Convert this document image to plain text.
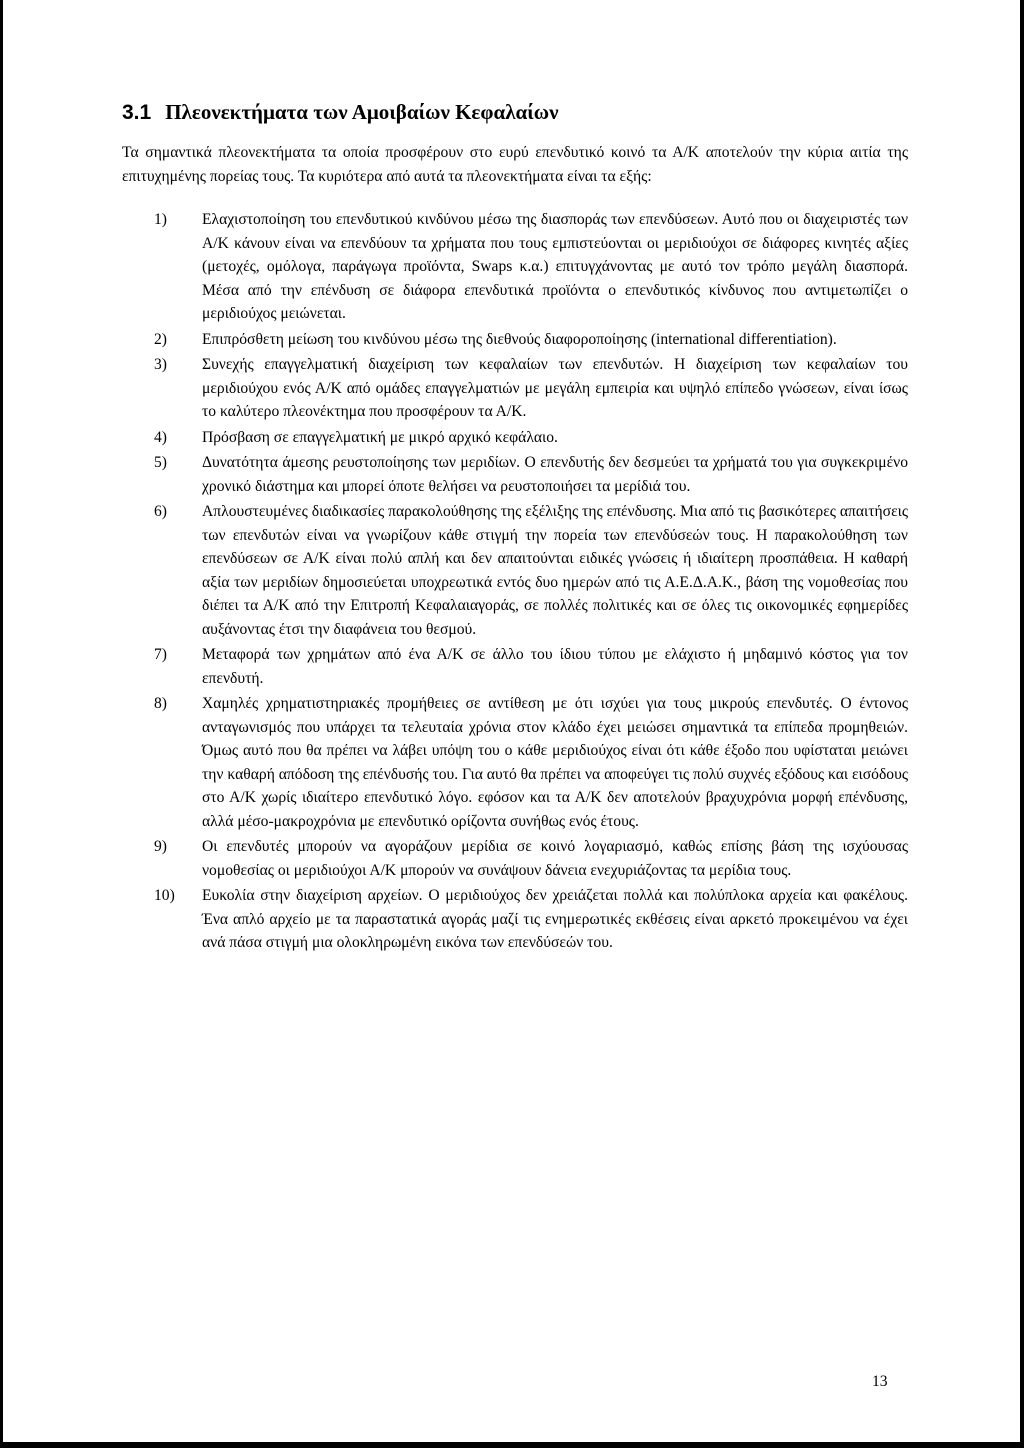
3.1 Πλεονεκτήματα των Αμοιβαίων Κεφαλαίων

Τα σημαντικά πλεονεκτήματα τα οποία προσφέρουν στο ευρύ επενδυτικό κοινό τα Α/Κ αποτελούν την κύρια αιτία της επιτυχημένης πορείας τους. Τα κυριότερα από αυτά τα πλεονεκτήματα είναι τα εξής:

1)	Ελαχιστοποίηση του επενδυτικού κινδύνου μέσω της διασποράς των επενδύσεων. Αυτό που οι διαχειριστές των Α/Κ κάνουν είναι να επενδύουν τα χρήματα που τους εμπιστεύονται οι μεριδιούχοι σε διάφορες κινητές αξίες (μετοχές, ομόλογα, παράγωγα προϊόντα, Swaps κ.α.) επιτυγχάνοντας με αυτό τον τρόπο μεγάλη διασπορά. Μέσα από την επένδυση σε διάφορα επενδυτικά προϊόντα ο επενδυτικός κίνδυνος που αντιμετωπίζει ο μεριδιούχος μειώνεται.
2)	Επιπρόσθετη μείωση του κινδύνου μέσω της διεθνούς διαφοροποίησης (international differentiation).
3)	Συνεχής επαγγελματική διαχείριση των κεφαλαίων των επενδυτών. Η διαχείριση των κεφαλαίων του μεριδιούχου ενός Α/Κ από ομάδες επαγγελματιών με μεγάλη εμπειρία και υψηλό επίπεδο γνώσεων, είναι ίσως το καλύτερο πλεονέκτημα που προσφέρουν τα Α/Κ.
4)	Πρόσβαση σε επαγγελματική με μικρό αρχικό κεφάλαιο.
5)	Δυνατότητα άμεσης ρευστοποίησης των μεριδίων. Ο επενδυτής δεν δεσμεύει τα χρήματά του για συγκεκριμένο χρονικό διάστημα και μπορεί όποτε θελήσει να ρευστοποιήσει τα μερίδιά του.
6)	Απλουστευμένες διαδικασίες παρακολούθησης της εξέλιξης της επένδυσης. Μια από τις βασικότερες απαιτήσεις των επενδυτών είναι να γνωρίζουν κάθε στιγμή την πορεία των επενδύσεών τους. Η παρακολούθηση των επενδύσεων σε Α/Κ είναι πολύ απλή και δεν απαιτούνται ειδικές γνώσεις ή ιδιαίτερη προσπάθεια. Η καθαρή αξία των μεριδίων δημοσιεύεται υποχρεωτικά εντός δυο ημερών από τις Α.Ε.Δ.Α.Κ., βάση της νομοθεσίας που διέπει τα Α/Κ από την Επιτροπή Κεφαλαιαγοράς, σε πολλές πολιτικές και σε όλες τις οικονομικές εφημερίδες αυξάνοντας έτσι την διαφάνεια του θεσμού.
7)	Μεταφορά των χρημάτων από ένα Α/Κ σε άλλο του ίδιου τύπου με ελάχιστο ή μηδαμινό κόστος για τον επενδυτή.
8)	Χαμηλές χρηματιστηριακές προμήθειες σε αντίθεση με ότι ισχύει για τους μικρούς επενδυτές. Ο έντονος ανταγωνισμός που υπάρχει τα τελευταία χρόνια στον κλάδο έχει μειώσει σημαντικά τα επίπεδα προμηθειών. Όμως αυτό που θα πρέπει να λάβει υπόψη του ο κάθε μεριδιούχος είναι ότι κάθε έξοδο που υφίσταται μειώνει την καθαρή απόδοση της επένδυσής του. Για αυτό θα πρέπει να αποφεύγει τις πολύ συχνές εξόδους και εισόδους στο Α/Κ χωρίς ιδιαίτερο επενδυτικό λόγο. εφόσον και τα Α/Κ δεν αποτελούν βραχυχρόνια μορφή επένδυσης, αλλά μέσο-μακροχρόνια με επενδυτικό ορίζοντα συνήθως ενός έτους.
9)	Οι επενδυτές μπορούν να αγοράζουν μερίδια σε κοινό λογαριασμό, καθώς επίσης βάση της ισχύουσας νομοθεσίας οι μεριδιούχοι Α/Κ μπορούν να συνάψουν δάνεια ενεχυριάζοντας τα μερίδια τους.
10)	Ευκολία στην διαχείριση αρχείων. Ο μεριδιούχος δεν χρειάζεται πολλά και πολύπλοκα αρχεία και φακέλους. Ένα απλό αρχείο με τα παραστατικά αγοράς μαζί τις ενημερωτικές εκθέσεις είναι αρκετό προκειμένου να έχει ανά πάσα στιγμή μια ολοκληρωμένη εικόνα των επενδύσεών του.
13
